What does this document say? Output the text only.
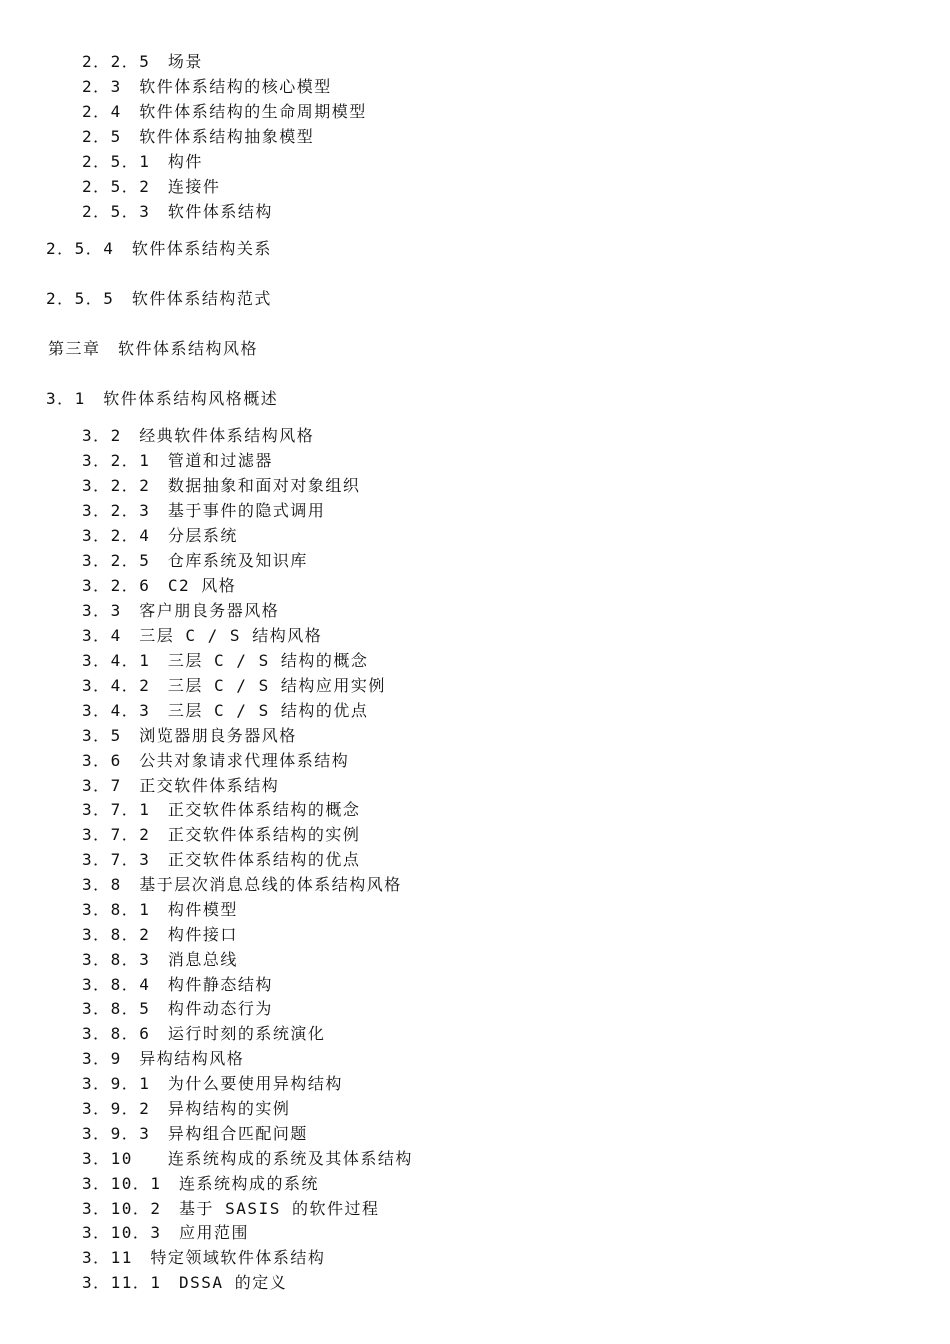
2．2．5　场景
2．3　软件体系结构的核心模型
2．4　软件体系结构的生命周期模型
2．5　软件体系结构抽象模型
2．5．1　构件
2．5．2　连接件
2．5．3　软件体系结构
2．5．4　软件体系结构关系
2．5．5　软件体系结构范式
第三章　软件体系结构风格
3．1　软件体系结构风格概述
3．2　经典软件体系结构风格
3．2．1　管道和过滤器
3．2．2　数据抽象和面对对象组织
3．2．3　基于事件的隐式调用
3．2．4　分层系统
3．2．5　仓库系统及知识库
3．2．6　C2 风格
3．3　客户朋良务器风格
3．4　三层 C / S 结构风格
3．4．1　三层 C / S 结构的概念
3．4．2　三层 C / S 结构应用实例
3．4．3　三层 C / S 结构的优点
3．5　浏览器朋良务器风格
3．6　公共对象请求代理体系结构
3．7　正交软件体系结构
3．7．1　正交软件体系结构的概念
3．7．2　正交软件体系结构的实例
3．7．3　正交软件体系结构的优点
3．8　基于层次消息总线的体系结构风格
3．8．1　构件模型
3．8．2　构件接口
3．8．3　消息总线
3．8．4　构件静态结构
3．8．5　构件动态行为
3．8．6　运行时刻的系统演化
3．9　异构结构风格
3．9．1　为什么要使用异构结构
3．9．2　异构结构的实例
3．9．3　异构组合匹配问题
3．10　　连系统构成的系统及其体系结构
3．10．1　连系统构成的系统
3．10．2　基于 SASIS 的软件过程
3．10．3　应用范围
3．11　特定领域软件体系结构
3．11．1　DSSA 的定义
